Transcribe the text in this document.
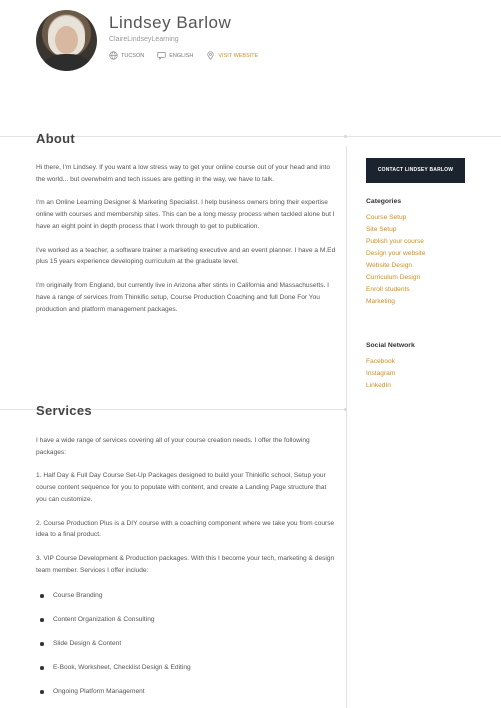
Lindsey Barlow
ClaireLindseyLearning
TUCSON	ENGLISH	VISIT WEBSITE
About

Hi there, I'm Lindsey. If you want a low stress way to get your online course out of your head and into the world... but overwhelm and tech issues are getting in the way, we have to talk.

I'm an Online Learning Designer & Marketing Specialist. I help business owners bring their expertise online with courses and membership sites. This can be a long messy process when tackled alone but I have an eight point in depth process that I work through to get to publication.

I've worked as a teacher, a software trainer a marketing executive and an event planner. I have a M.Ed plus 15 years experience developing curriculum at the graduate level.

I'm originally from England, but currently live in Arizona after stints in California and Massachusetts. I have a range of services from Thinkific setup, Course Production Coaching and full Done For You production and platform management packages.

CONTACT LINDSEY BARLOW
Categories
Course Setup
Site Setup
Publish your course
Design your website
Website Design
Curriculum Design
Enroll students
Marketing
Social Network
Facebook
Instagram
LinkedIn
Services

I have a wide range of services covering all of your course creation needs. I offer the following packages:

1. Half Day & Full Day Course Set-Up Packages designed to build your Thinkific school, Setup your course content sequence for you to populate with content, and create a Landing Page structure that you can customize.

2. Course Production Plus is a DIY course with a coaching component where we take you from course idea to a final product.

3. VIP Course Development & Production packages. With this I become your tech, marketing & design team member. Services I offer include:

Course Branding
Content Organization & Consulting
Slide Design & Content
E-Book, Worksheet, Checklist Design & Editing
Ongoing Platform Management
